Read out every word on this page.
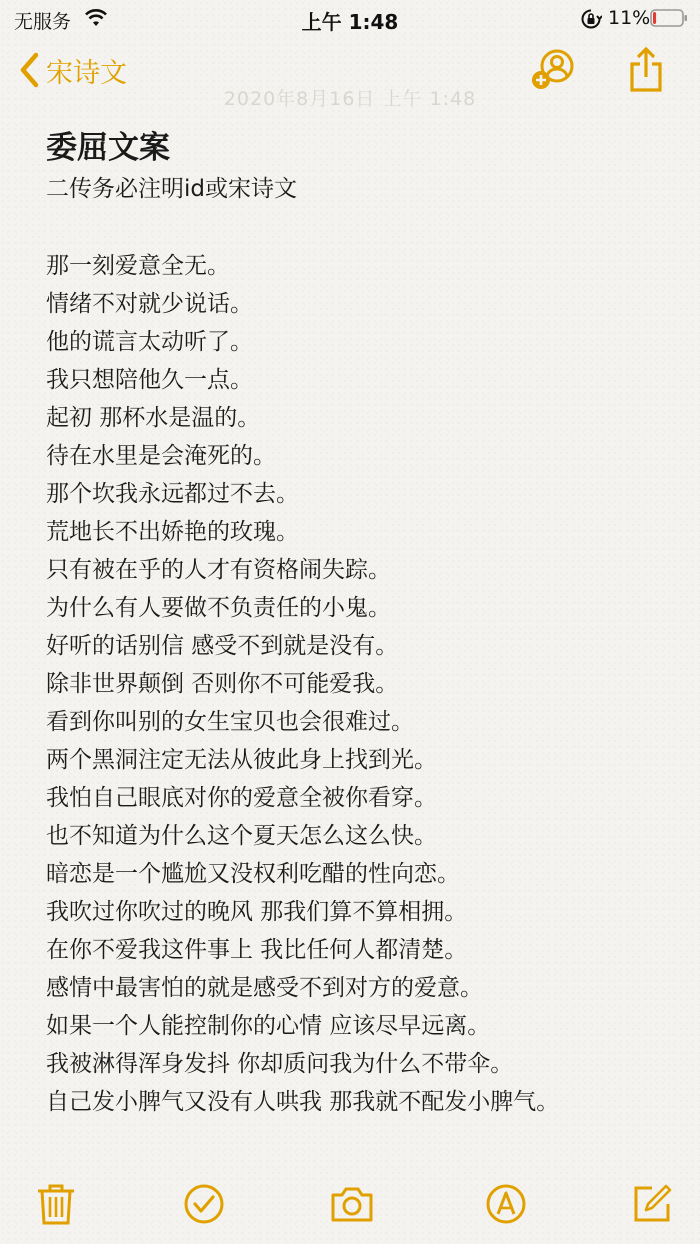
无服务	上午 1:48	11%
宋诗文
2020年8月16日 上午 1:48
委屈文案
二传务必注明id或宋诗文
那一刻爱意全无。
情绪不对就少说话。
他的谎言太动听了。
我只想陪他久一点。
起初 那杯水是温的。
待在水里是会淹死的。
那个坎我永远都过不去。
荒地长不出娇艳的玫瑰。
只有被在乎的人才有资格闹失踪。
为什么有人要做不负责任的小鬼。
好听的话别信 感受不到就是没有。
除非世界颠倒 否则你不可能爱我。
看到你叫别的女生宝贝也会很难过。
两个黑洞注定无法从彼此身上找到光。
我怕自己眼底对你的爱意全被你看穿。
也不知道为什么这个夏天怎么这么快。
暗恋是一个尴尬又没权利吃醋的性向恋。
我吹过你吹过的晚风 那我们算不算相拥。
在你不爱我这件事上 我比任何人都清楚。
感情中最害怕的就是感受不到对方的爱意。
如果一个人能控制你的心情 应该尽早远离。
我被淋得浑身发抖 你却质问我为什么不带伞。
自己发小脾气又没有人哄我 那我就不配发小脾气。
